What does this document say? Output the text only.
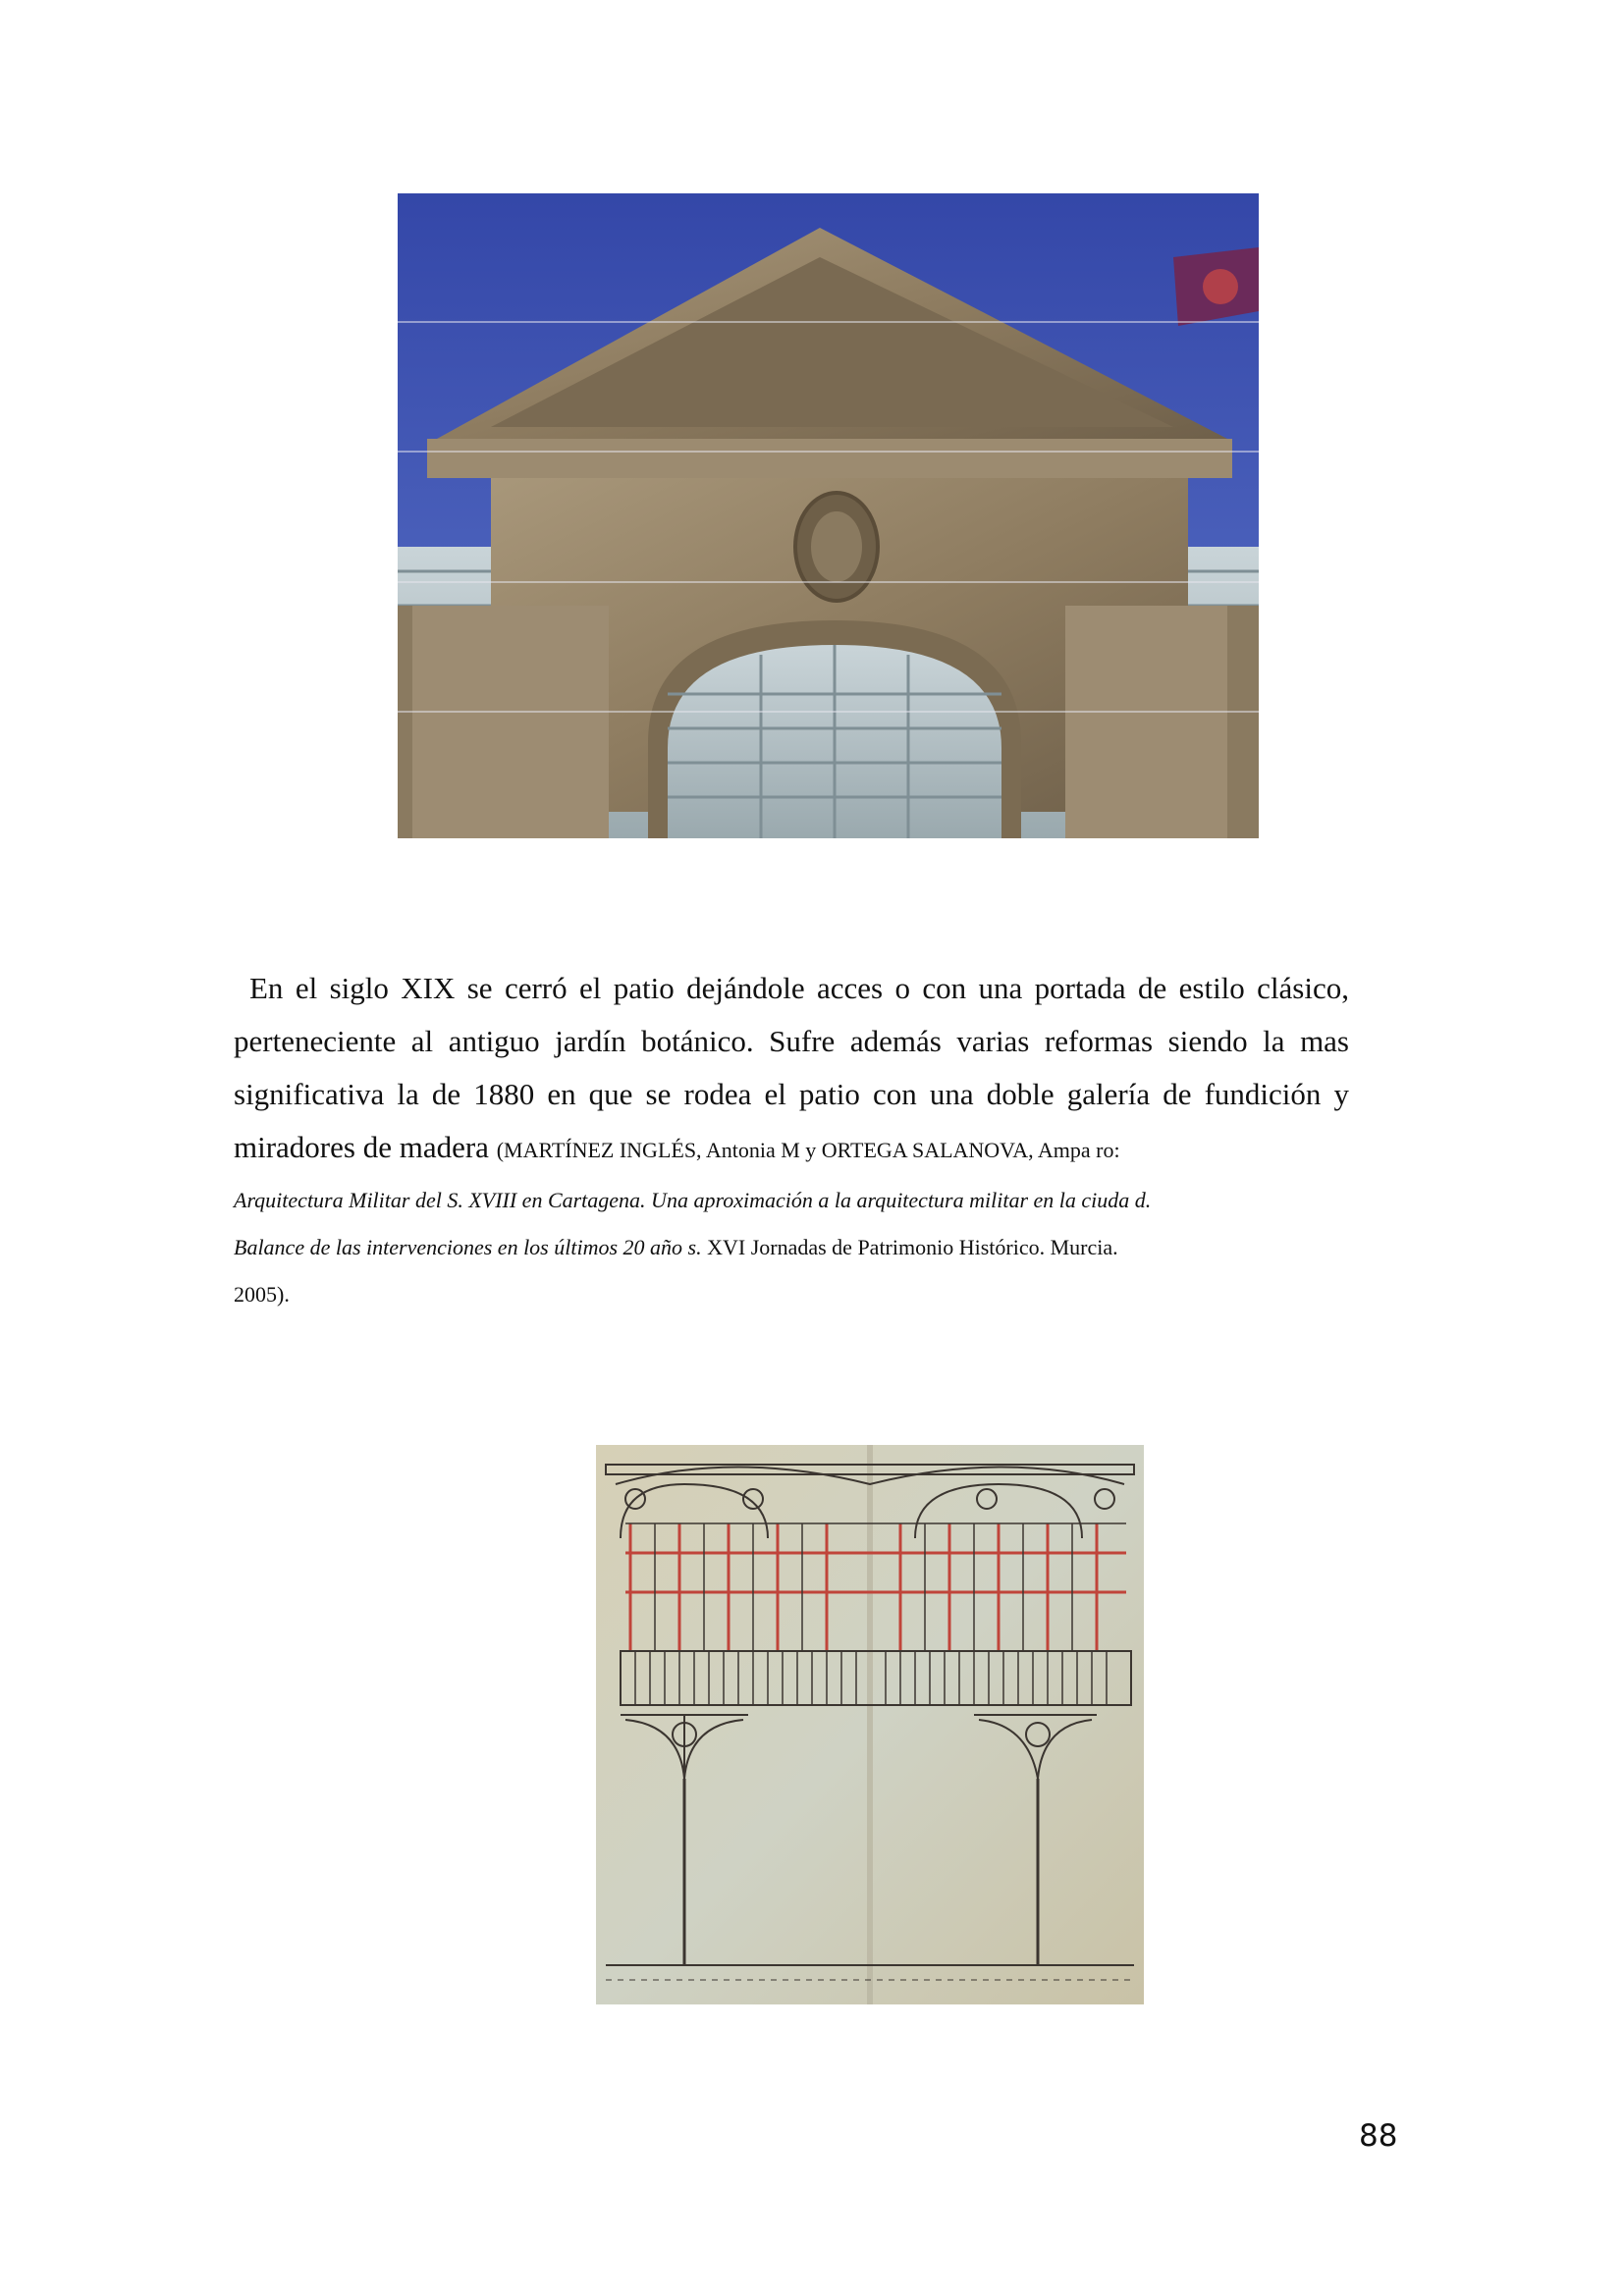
En el siglo XIX se cerró el patio dejándole acces o con una portada de estilo clásico,
perteneciente al antiguo jardín botánico. Sufre además varias reformas siendo la mas
significativa la de 1880 en que se rodea el patio con una doble galería de fundición y
miradores de madera (MARTÍNEZ INGLÉS, Antonia M y ORTEGA SALANOVA, Ampa ro:
Arquitectura Militar del S. XVIII en Cartagena. Una aproximación a la arquitectura militar en la ciuda d.
Balance de las intervenciones en los últimos 20 año s. XVI Jornadas de Patrimonio Histórico. Murcia.
2005).
88
